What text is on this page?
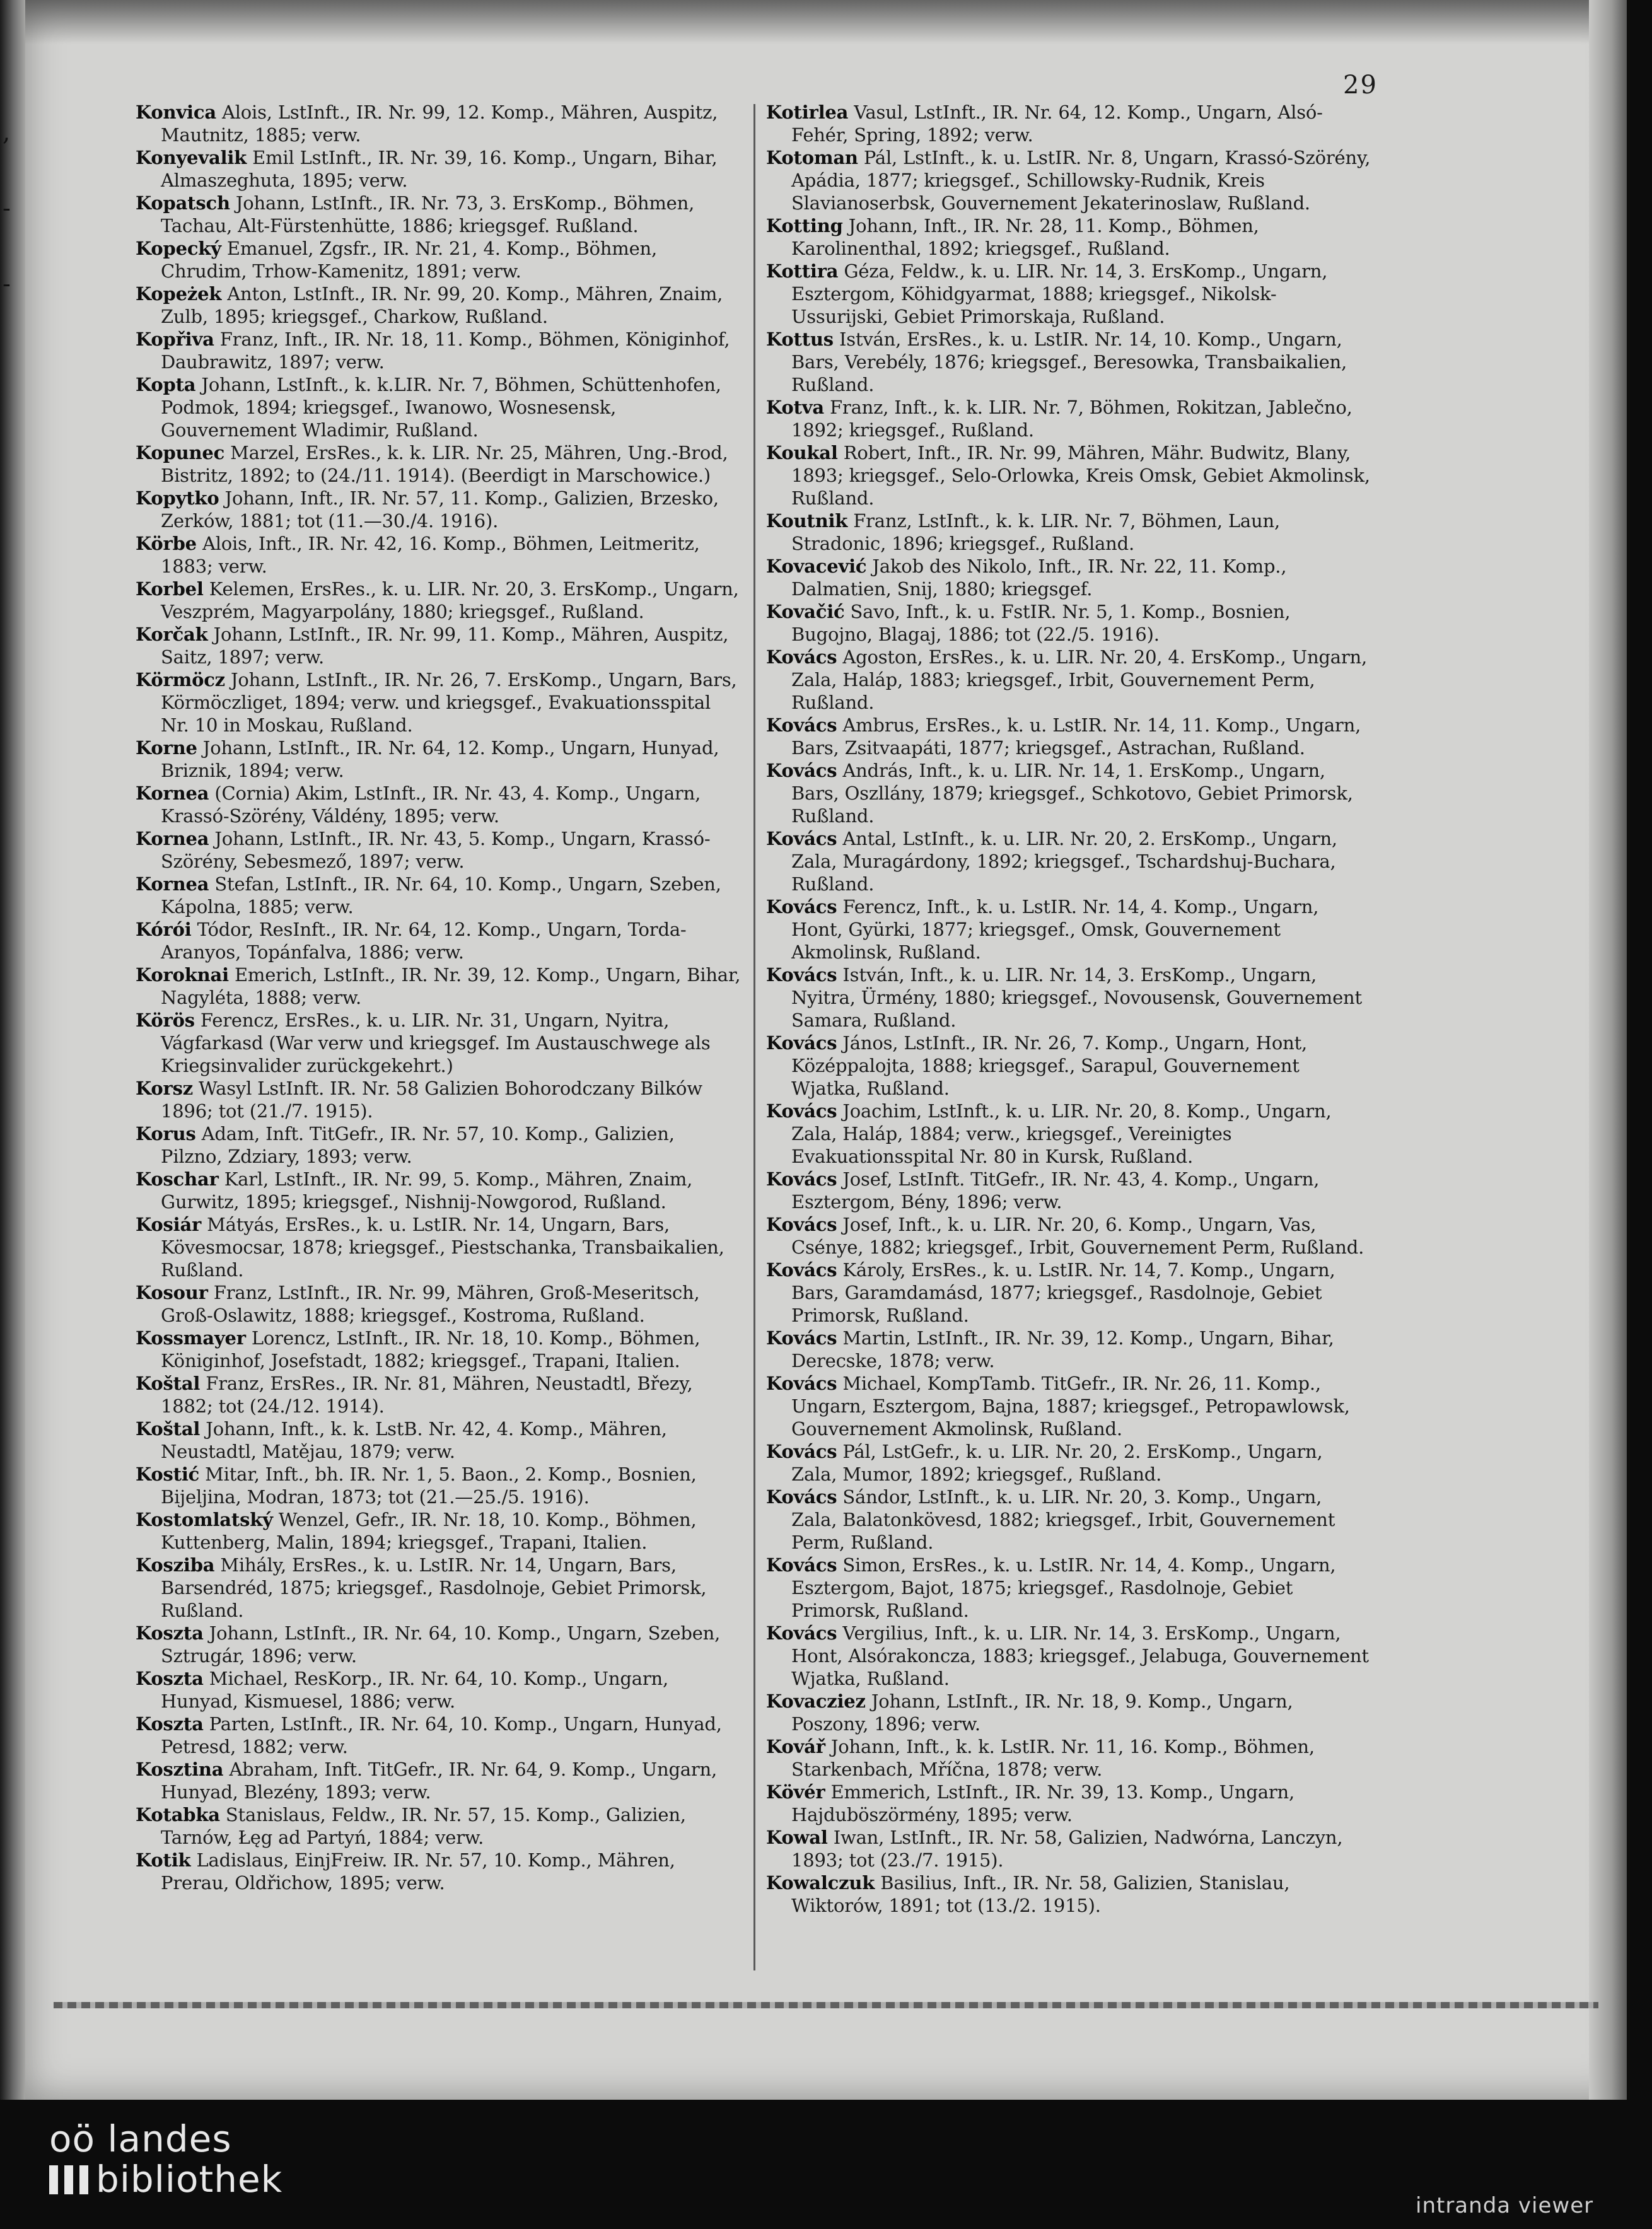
,
-
-
29

Konvica Alois, LstInft., IR. Nr. 99, 12. Komp., Mähren, Auspitz, Mautnitz, 1885; verw.

Konyevalik Emil LstInft., IR. Nr. 39, 16. Komp., Ungarn, Bihar, Almaszeghuta, 1895; verw.

Kopatsch Johann, LstInft., IR. Nr. 73, 3. ErsKomp., Böhmen, Tachau, Alt-Fürstenhütte, 1886; kriegsgef. Rußland.

Kopecký Emanuel, Zgsfr., IR. Nr. 21, 4. Komp., Böhmen, Chrudim, Trhow-Kamenitz, 1891; verw.

Kopeżek Anton, LstInft., IR. Nr. 99, 20. Komp., Mähren, Znaim, Zulb, 1895; kriegsgef., Charkow, Rußland.

Kopřiva Franz, Inft., IR. Nr. 18, 11. Komp., Böhmen, Königinhof, Daubrawitz, 1897; verw.

Kopta Johann, LstInft., k. k.LIR. Nr. 7, Böhmen, Schüttenhofen, Podmok, 1894; kriegsgef., Iwanowo, Wosnesensk, Gouvernement Wladimir, Rußland.

Kopunec Marzel, ErsRes., k. k. LIR. Nr. 25, Mähren, Ung.-Brod, Bistritz, 1892; to (24./11. 1914). (Beerdigt in Marschowice.)

Kopytko Johann, Inft., IR. Nr. 57, 11. Komp., Galizien, Brzesko, Zerków, 1881; tot (11.—30./4. 1916).

Körbe Alois, Inft., IR. Nr. 42, 16. Komp., Böhmen, Leitmeritz, 1883; verw.

Korbel Kelemen, ErsRes., k. u. LIR. Nr. 20, 3. ErsKomp., Ungarn, Veszprém, Magyarpolány, 1880; kriegsgef., Rußland.

Korčak Johann, LstInft., IR. Nr. 99, 11. Komp., Mähren, Auspitz, Saitz, 1897; verw.

Körmöcz Johann, LstInft., IR. Nr. 26, 7. ErsKomp., Ungarn, Bars, Körmöczliget, 1894; verw. und kriegsgef., Evakuationsspital Nr. 10 in Moskau, Rußland.

Korne Johann, LstInft., IR. Nr. 64, 12. Komp., Ungarn, Hunyad, Briznik, 1894; verw.

Kornea (Cornia) Akim, LstInft., IR. Nr. 43, 4. Komp., Ungarn, Krassó-Szörény, Váldény, 1895; verw.

Kornea Johann, LstInft., IR. Nr. 43, 5. Komp., Ungarn, Krassó-Szörény, Sebesmező, 1897; verw.

Kornea Stefan, LstInft., IR. Nr. 64, 10. Komp., Ungarn, Szeben, Kápolna, 1885; verw.

Kórói Tódor, ResInft., IR. Nr. 64, 12. Komp., Ungarn, Torda-Aranyos, Topánfalva, 1886; verw.

Koroknai Emerich, LstInft., IR. Nr. 39, 12. Komp., Ungarn, Bihar, Nagyléta, 1888; verw.

Körös Ferencz, ErsRes., k. u. LIR. Nr. 31, Ungarn, Nyitra, Vágfarkasd (War verw und kriegsgef. Im Austauschwege als Kriegsinvalider zurückgekehrt.)

Korsz Wasyl LstInft. IR. Nr. 58 Galizien Bohorodczany Bilków 1896; tot (21./7. 1915).

Korus Adam, Inft. TitGefr., IR. Nr. 57, 10. Komp., Galizien, Pilzno, Zdziary, 1893; verw.

Koschar Karl, LstInft., IR. Nr. 99, 5. Komp., Mähren, Znaim, Gurwitz, 1895; kriegsgef., Nishnij-Nowgorod, Rußland.

Kosiár Mátyás, ErsRes., k. u. LstIR. Nr. 14, Ungarn, Bars, Kövesmocsar, 1878; kriegsgef., Piestschanka, Transbaikalien, Rußland.

Kosour Franz, LstInft., IR. Nr. 99, Mähren, Groß-Meseritsch, Groß-Oslawitz, 1888; kriegsgef., Kostroma, Rußland.

Kossmayer Lorencz, LstInft., IR. Nr. 18, 10. Komp., Böhmen, Königinhof, Josefstadt, 1882; kriegsgef., Trapani, Italien.

Koštal Franz, ErsRes., IR. Nr. 81, Mähren, Neustadtl, Březy, 1882; tot (24./12. 1914).

Koštal Johann, Inft., k. k. LstB. Nr. 42, 4. Komp., Mähren, Neustadtl, Matějau, 1879; verw.

Kostić Mitar, Inft., bh. IR. Nr. 1, 5. Baon., 2. Komp., Bosnien, Bijeljina, Modran, 1873; tot (21.—25./5. 1916).

Kostomlatský Wenzel, Gefr., IR. Nr. 18, 10. Komp., Böhmen, Kuttenberg, Malin, 1894; kriegsgef., Trapani, Italien.

Kosziba Mihály, ErsRes., k. u. LstIR. Nr. 14, Ungarn, Bars, Barsendréd, 1875; kriegsgef., Rasdolnoje, Gebiet Primorsk, Rußland.

Koszta Johann, LstInft., IR. Nr. 64, 10. Komp., Ungarn, Szeben, Sztrugár, 1896; verw.

Koszta Michael, ResKorp., IR. Nr. 64, 10. Komp., Ungarn, Hunyad, Kismuesel, 1886; verw.

Koszta Parten, LstInft., IR. Nr. 64, 10. Komp., Ungarn, Hunyad, Petresd, 1882; verw.

Kosztina Abraham, Inft. TitGefr., IR. Nr. 64, 9. Komp., Ungarn, Hunyad, Blezény, 1893; verw.

Kotabka Stanislaus, Feldw., IR. Nr. 57, 15. Komp., Galizien, Tarnów, Łęg ad Partyń, 1884; verw.

Kotik Ladislaus, EinjFreiw. IR. Nr. 57, 10. Komp., Mähren, Prerau, Oldřichow, 1895; verw.

Kotirlea Vasul, LstInft., IR. Nr. 64, 12. Komp., Ungarn, Alsó-Fehér, Spring, 1892; verw.

Kotoman Pál, LstInft., k. u. LstIR. Nr. 8, Ungarn, Krassó-Szörény, Apádia, 1877; kriegsgef., Schillowsky-Rudnik, Kreis Slavianoserbsk, Gouvernement Jekaterinoslaw, Rußland.

Kotting Johann, Inft., IR. Nr. 28, 11. Komp., Böhmen, Karolinenthal, 1892; kriegsgef., Rußland.

Kottira Géza, Feldw., k. u. LIR. Nr. 14, 3. ErsKomp., Ungarn, Esztergom, Köhidgyarmat, 1888; kriegsgef., Nikolsk-Ussurijski, Gebiet Primorskaja, Rußland.

Kottus István, ErsRes., k. u. LstIR. Nr. 14, 10. Komp., Ungarn, Bars, Verebély, 1876; kriegsgef., Beresowka, Transbaikalien, Rußland.

Kotva Franz, Inft., k. k. LIR. Nr. 7, Böhmen, Rokitzan, Jablečno, 1892; kriegsgef., Rußland.

Koukal Robert, Inft., IR. Nr. 99, Mähren, Mähr. Budwitz, Blany, 1893; kriegsgef., Selo-Orlowka, Kreis Omsk, Gebiet Akmolinsk, Rußland.

Koutnik Franz, LstInft., k. k. LIR. Nr. 7, Böhmen, Laun, Stradonic, 1896; kriegsgef., Rußland.

Kovacević Jakob des Nikolo, Inft., IR. Nr. 22, 11. Komp., Dalmatien, Snij, 1880; kriegsgef.

Kovačić Savo, Inft., k. u. FstIR. Nr. 5, 1. Komp., Bosnien, Bugojno, Blagaj, 1886; tot (22./5. 1916).

Kovács Agoston, ErsRes., k. u. LIR. Nr. 20, 4. ErsKomp., Ungarn, Zala, Haláp, 1883; kriegsgef., Irbit, Gouvernement Perm, Rußland.

Kovács Ambrus, ErsRes., k. u. LstIR. Nr. 14, 11. Komp., Ungarn, Bars, Zsitvaapáti, 1877; kriegsgef., Astrachan, Rußland.

Kovács András, Inft., k. u. LIR. Nr. 14, 1. ErsKomp., Ungarn, Bars, Oszllány, 1879; kriegsgef., Schkotovo, Gebiet Primorsk, Rußland.

Kovács Antal, LstInft., k. u. LIR. Nr. 20, 2. ErsKomp., Ungarn, Zala, Muragárdony, 1892; kriegsgef., Tschardshuj-Buchara, Rußland.

Kovács Ferencz, Inft., k. u. LstIR. Nr. 14, 4. Komp., Ungarn, Hont, Gyürki, 1877; kriegsgef., Omsk, Gouvernement Akmolinsk, Rußland.

Kovács István, Inft., k. u. LIR. Nr. 14, 3. ErsKomp., Ungarn, Nyitra, Ürmény, 1880; kriegsgef., Novousensk, Gouvernement Samara, Rußland.

Kovács János, LstInft., IR. Nr. 26, 7. Komp., Ungarn, Hont, Középpalojta, 1888; kriegsgef., Sarapul, Gouvernement Wjatka, Rußland.

Kovács Joachim, LstInft., k. u. LIR. Nr. 20, 8. Komp., Ungarn, Zala, Haláp, 1884; verw., kriegsgef., Vereinigtes Evakuationsspital Nr. 80 in Kursk, Rußland.

Kovács Josef, LstInft. TitGefr., IR. Nr. 43, 4. Komp., Ungarn, Esztergom, Bény, 1896; verw.

Kovács Josef, Inft., k. u. LIR. Nr. 20, 6. Komp., Ungarn, Vas, Csénye, 1882; kriegsgef., Irbit, Gouvernement Perm, Rußland.

Kovács Károly, ErsRes., k. u. LstIR. Nr. 14, 7. Komp., Ungarn, Bars, Garamdamásd, 1877; kriegsgef., Rasdolnoje, Gebiet Primorsk, Rußland.

Kovács Martin, LstInft., IR. Nr. 39, 12. Komp., Ungarn, Bihar, Derecske, 1878; verw.

Kovács Michael, KompTamb. TitGefr., IR. Nr. 26, 11. Komp., Ungarn, Esztergom, Bajna, 1887; kriegsgef., Petropawlowsk, Gouvernement Akmolinsk, Rußland.

Kovács Pál, LstGefr., k. u. LIR. Nr. 20, 2. ErsKomp., Ungarn, Zala, Mumor, 1892; kriegsgef., Rußland.

Kovács Sándor, LstInft., k. u. LIR. Nr. 20, 3. Komp., Ungarn, Zala, Balatonkövesd, 1882; kriegsgef., Irbit, Gouvernement Perm, Rußland.

Kovács Simon, ErsRes., k. u. LstIR. Nr. 14, 4. Komp., Ungarn, Esztergom, Bajot, 1875; kriegsgef., Rasdolnoje, Gebiet Primorsk, Rußland.

Kovács Vergilius, Inft., k. u. LIR. Nr. 14, 3. ErsKomp., Ungarn, Hont, Alsórakoncza, 1883; kriegsgef., Jelabuga, Gouvernement Wjatka, Rußland.

Kovacziez Johann, LstInft., IR. Nr. 18, 9. Komp., Ungarn, Poszony, 1896; verw.

Kovář Johann, Inft., k. k. LstIR. Nr. 11, 16. Komp., Böhmen, Starkenbach, Mříčna, 1878; verw.

Kövér Emmerich, LstInft., IR. Nr. 39, 13. Komp., Ungarn, Hajduböszörmény, 1895; verw.

Kowal Iwan, LstInft., IR. Nr. 58, Galizien, Nadwórna, Lanczyn, 1893; tot (23./7. 1915).

Kowalczuk Basilius, Inft., IR. Nr. 58, Galizien, Stanislau, Wiktorów, 1891; tot (13./2. 1915).

oö landes
bibliothek
intranda viewer
